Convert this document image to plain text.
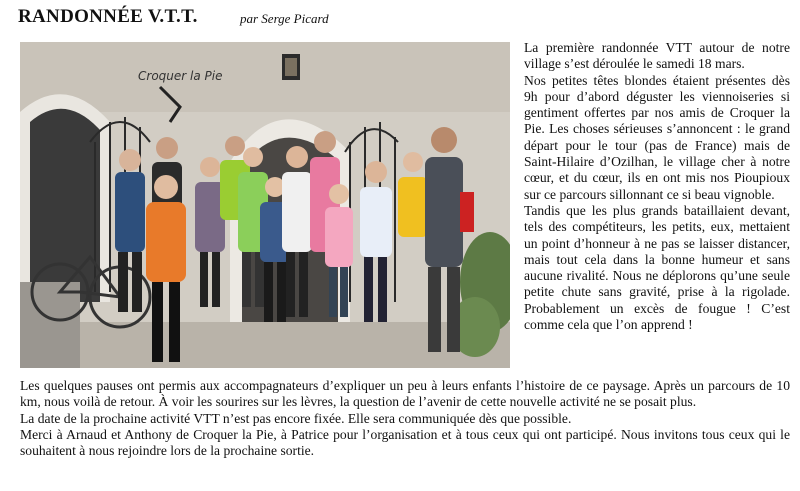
RANDONNÉE V.T.T.	par Serge Picard
Croquer la Pie

La première randonnée VTT autour de notre village s’est déroulée le samedi 18 mars.

Nos petites têtes blondes étaient présentes dès 9h pour d’abord déguster les viennoiseries si gentiment offertes par nos amis de Croquer la Pie. Les choses sérieuses s’annoncent : le grand départ pour le tour (pas de France) mais de Saint-Hilaire d’Ozilhan, le village cher à notre cœur, et du cœur, ils en ont mis nos Pioupioux sur ce parcours sillonnant ce si beau vignoble.

Tandis que les plus grands bataillaient devant, tels des compétiteurs, les petits, eux, mettaient un point d’honneur à ne pas se laisser distancer, mais tout cela dans la bonne humeur et sans aucune rivalité. Nous ne déplorons qu’une seule petite chute sans gravité, prise à la rigolade. Probablement un excès de fougue ! C’est comme cela que l’on apprend !

Les quelques pauses ont permis aux accompagnateurs d’expliquer un peu à leurs enfants l’histoire de ce paysage. Après un parcours de 10 km, nous voilà de retour. À voir les sourires sur les lèvres, la question de l’avenir de cette nouvelle activité ne se posait plus.

La date de la prochaine activité VTT n’est pas encore fixée. Elle sera communiquée dès que possible.

Merci à Arnaud et Anthony de Croquer la Pie, à Patrice pour l’organisation et à tous ceux qui ont participé. Nous invitons tous ceux qui le souhaitent à nous rejoindre lors de la prochaine sortie.
